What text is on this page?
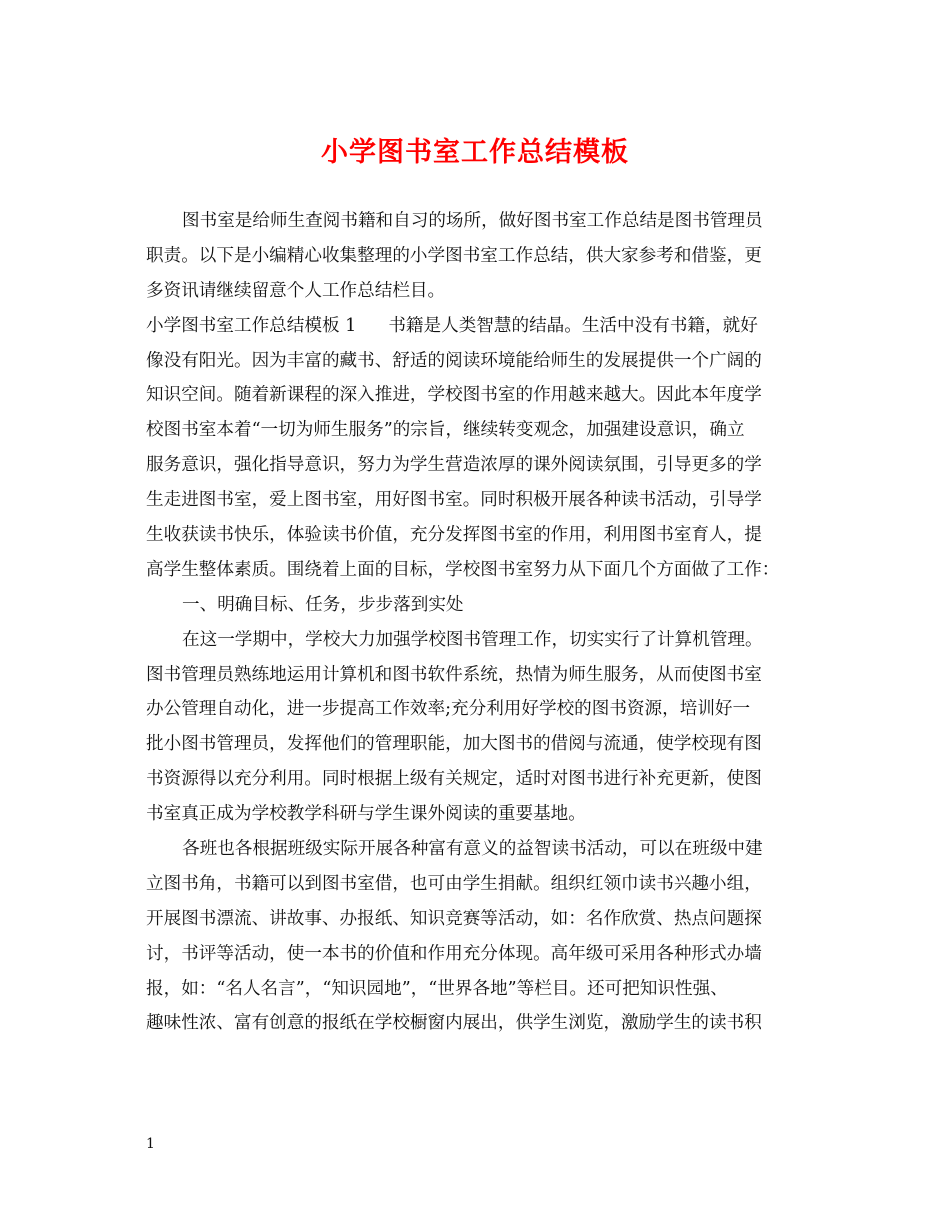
小学图书室工作总结模板
图书室是给师生查阅书籍和自习的场所，做好图书室工作总结是图书管理员
职责。以下是小编精心收集整理的小学图书室工作总结，供大家参考和借鉴，更
多资讯请继续留意个人工作总结栏目。
小学图书室工作总结模板 1 书籍是人类智慧的结晶。生活中没有书籍，就好
像没有阳光。因为丰富的藏书、舒适的阅读环境能给师生的发展提供一个广阔的
知识空间。随着新课程的深入推进，学校图书室的作用越来越大。因此本年度学
校图书室本着“一切为师生服务”的宗旨，继续转变观念，加强建设意识，确立
服务意识，强化指导意识，努力为学生营造浓厚的课外阅读氛围，引导更多的学
生走进图书室，爱上图书室，用好图书室。同时积极开展各种读书活动，引导学
生收获读书快乐，体验读书价值，充分发挥图书室的作用，利用图书室育人，提
高学生整体素质。围绕着上面的目标，学校图书室努力从下面几个方面做了工作：
一、明确目标、任务，步步落到实处
在这一学期中，学校大力加强学校图书管理工作，切实实行了计算机管理。
图书管理员熟练地运用计算机和图书软件系统，热情为师生服务，从而使图书室
办公管理自动化，进一步提高工作效率;充分利用好学校的图书资源，培训好一
批小图书管理员，发挥他们的管理职能，加大图书的借阅与流通，使学校现有图
书资源得以充分利用。同时根据上级有关规定，适时对图书进行补充更新，使图
书室真正成为学校教学科研与学生课外阅读的重要基地。
各班也各根据班级实际开展各种富有意义的益智读书活动，可以在班级中建
立图书角，书籍可以到图书室借，也可由学生捐献。组织红领巾读书兴趣小组，
开展图书漂流、讲故事、办报纸、知识竞赛等活动，如：名作欣赏、热点问题探
讨，书评等活动，使一本书的价值和作用充分体现。高年级可采用各种形式办墙
报，如：“名人名言”，“知识园地”，“世界各地”等栏目。还可把知识性强、
趣味性浓、富有创意的报纸在学校橱窗内展出，供学生浏览，激励学生的读书积
1
